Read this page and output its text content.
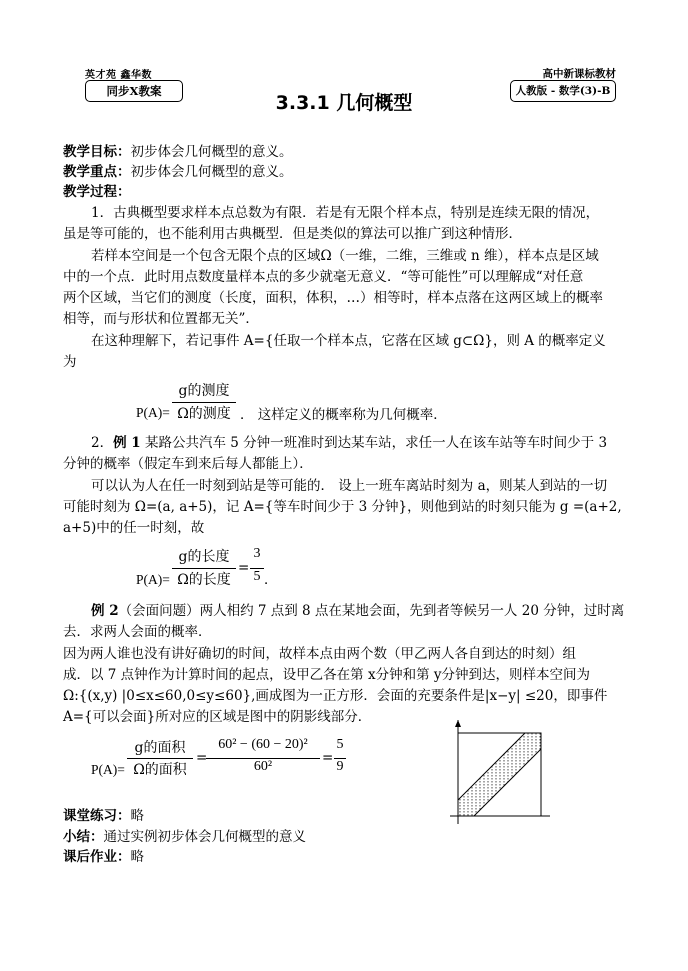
英才苑 鑫华数
同步X教案
高中新课标教材
人教版 - 数学(3)-B
3.3.1 几何概型
教学目标：初步体会几何概型的意义。
教学重点：初步体会几何概型的意义。
教学过程：
1．古典概型要求样本点总数为有限．若是有无限个样本点，特别是连续无限的情况，
虽是等可能的，也不能利用古典概型．但是类似的算法可以推广到这种情形．
若样本空间是一个包含无限个点的区域Ω（一维，二维，三维或 n 维），样本点是区域
中的一个点．此时用点数度量样本点的多少就毫无意义．“等可能性”可以理解成“对任意
两个区域，当它们的测度（长度，面积，体积，…）相等时，样本点落在这两区域上的概率
相等，而与形状和位置都无关”．
在这种理解下，若记事件 A={任取一个样本点，它落在区域 g⊂Ω}，则 A 的概率定义
为
P(A)=
g的测度
Ω的测度 ． 这样定义的概率称为几何概率．
2．例 1 某路公共汽车 5 分钟一班准时到达某车站，求任一人在该车站等车时间少于 3
分钟的概率（假定车到来后每人都能上）．
可以认为人在任一时刻到站是等可能的． 设上一班车离站时刻为 a，则某人到站的一切
可能时刻为 Ω=(a, a+5)，记 A={等车时间少于 3 分钟}，则他到站的时刻只能为 g =(a+2,
a+5)中的任一时刻，故
P(A)=
g的长度
Ω的长度
=
3
5 ．
例 2（会面问题）两人相约 7 点到 8 点在某地会面，先到者等候另一人 20 分钟，过时离
去．求两人会面的概率．
因为两人谁也没有讲好确切的时间，故样本点由两个数（甲乙两人各自到达的时刻）组
成．以 7 点钟作为计算时间的起点，设甲乙各在第 x分钟和第 y分钟到达，则样本空间为
Ω:{(x,y) |0≤x≤60,0≤y≤60},画成图为一正方形．会面的充要条件是|x−y| ≤20，即事件
A={可以会面}所对应的区域是图中的阴影线部分．
P(A)=
g的面积
Ω的面积
=
60² − (60 − 20)²
60²
=
5
9
课堂练习：略
小结：通过实例初步体会几何概型的意义
课后作业：略
